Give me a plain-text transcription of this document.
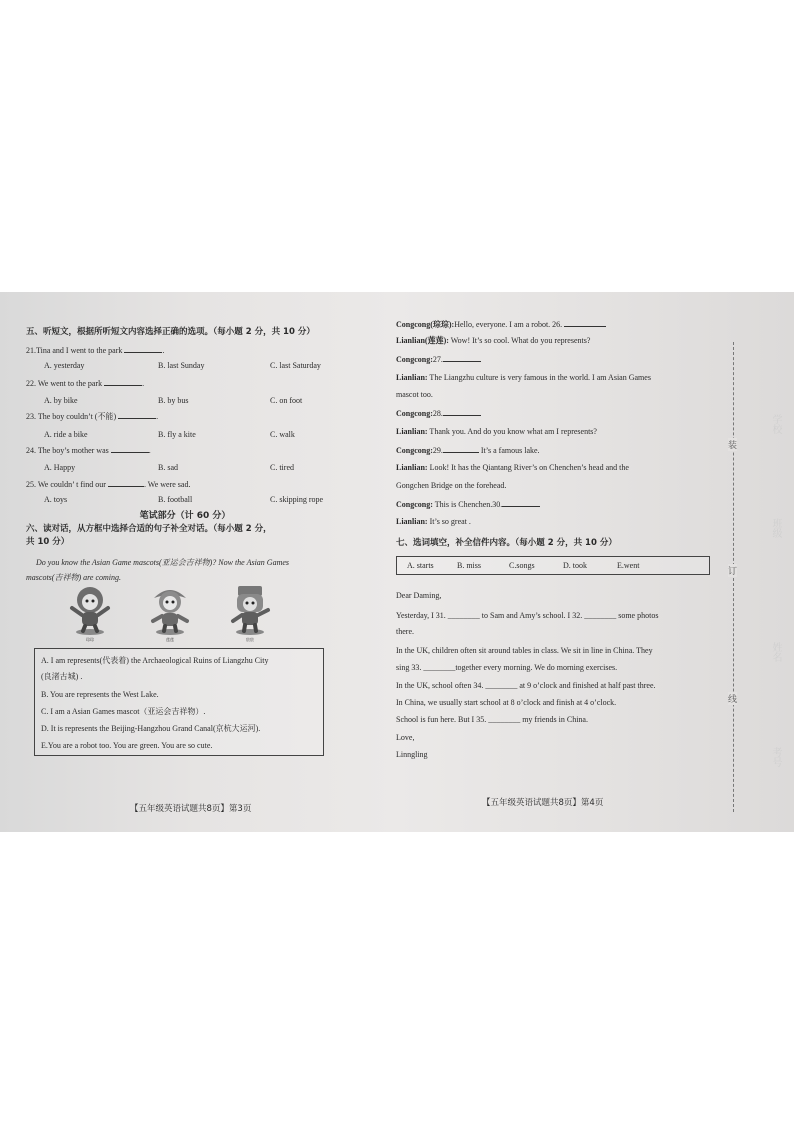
五、听短文，根据所听短文内容选择正确的选项。（每小题 2 分，共 10 分）
21.Tina and I went to the park	.
A. yesterday	B. last Sunday	C. last Saturday
22. We went to the park	.
A. by bike	B. by bus	C. on foot
23. The boy couldn’t (不能)	.
A. ride a bike	B. fly a kite	C. walk
24. The boy’s mother was	.
A. Happy	B. sad	C. tired
25. We couldn’ t find our	. We were sad.
A. toys	B. football	C. skipping rope
笔试部分（计 60 分）
六、读对话，从方框中选择合适的句子补全对话。（每小题 2 分，
共 10 分）
Do you know the Asian Game mascots(亚运会吉祥物)? Now the Asian Games
mascots(吉祥物) are coming.
琮琮	莲莲	宸宸
A. I am represents(代表着) the Archaeological Ruins of Liangzhu City
(良渚古城) .
B. You are represents the West Lake.
C. I am a Asian Games mascot（亚运会吉祥物）.
D. It is represents the Beijing-Hangzhou Grand Canal(京杭大运河).
E.You are a robot too. You are green. You are so cute.
【五年级英语试题共8页】第3页
Congcong(琮琮):Hello, everyone. I am a robot. 26.
Lianlian(莲莲): Wow! It’s so cool. What do you represents?
Congcong:27.
Lianlian: The Liangzhu culture is very famous in the world. I am Asian Games
mascot too.
Congcong:28.
Lianlian: Thank you. And do you know what am I represents?
Congcong:29.	It’s a famous lake.
Lianlian: Look! It has the Qiantang River’s on Chenchen’s head and the
Gongchen Bridge on the forehead.
Congcong: This is Chenchen.30.
Lianlian: It’s so great .
七、选词填空，补全信件内容。（每小题 2 分，共 10 分）
A. starts	B. miss	C.songs	D. took	E.went
Dear Daming,
Yesterday, I 31. ________ to Sam and Amy’s school. I 32. ________ some photos
there.
In the UK, children often sit around tables in class. We sit in line in China. They
sing 33. ________together every morning. We do morning exercises.
In the UK, school often 34. ________ at 9 o’clock and finished at half past three.
In China, we usually start school at 8 o’clock and finish at 4 o’clock.
School is fun here. But I 35. ________ my friends in China.
Love,
Linngling
【五年级英语试题共8页】第4页
装
订
线
学校
班级
姓名
考号
